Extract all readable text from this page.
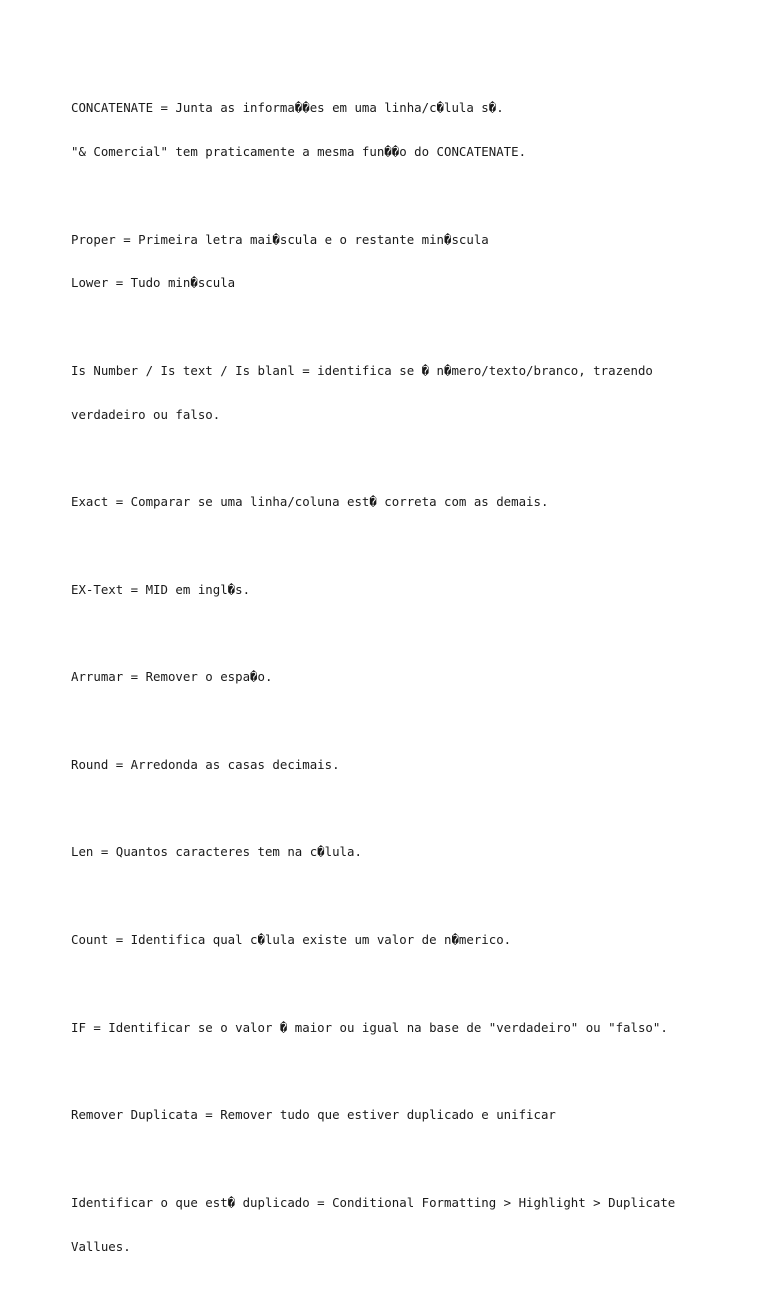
CONCATENATE = Junta as informa��es em uma linha/c�lula s�.

"& Comercial" tem praticamente a mesma fun��o do CONCATENATE.

Proper = Primeira letra mai�scula e o restante min�scula

Lower = Tudo min�scula

Is Number / Is text / Is blanl = identifica se � n�mero/texto/branco, trazendo

verdadeiro ou falso.

Exact = Comparar se uma linha/coluna est� correta com as demais.

EX-Text = MID em ingl�s.

Arrumar = Remover o espa�o.

Round = Arredonda as casas decimais.

Len = Quantos caracteres tem na c�lula.

Count = Identifica qual c�lula existe um valor de n�merico.

IF = Identificar se o valor � maior ou igual na base de "verdadeiro" ou "falso".

Remover Duplicata = Remover tudo que estiver duplicado e unificar

Identificar o que est� duplicado = Conditional Formatting > Highlight > Duplicate

Vallues.
